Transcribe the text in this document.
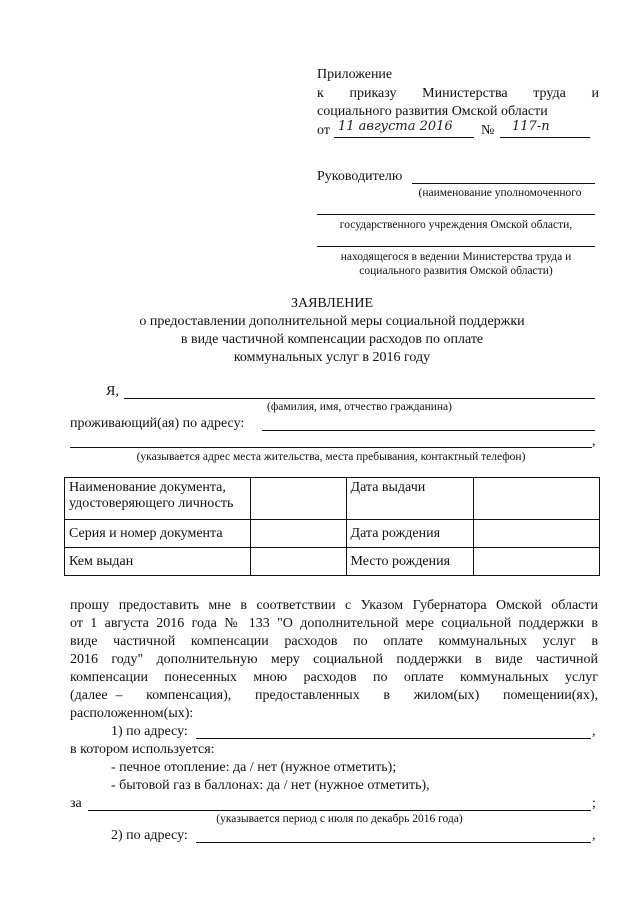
Приложение
к приказу Министерства труда и
социального развития Омской области
от 11 августа 2016 № 117-п
Руководителю
(наименование уполномоченного
государственного учреждения Омской области,
находящегося в ведении Министерства труда и
социального развития Омской области)
ЗАЯВЛЕНИЕ
о предоставлении дополнительной меры социальной поддержки
в виде частичной компенсации расходов по оплате
коммунальных услуг в 2016 году
Я,
(фамилия, имя, отчество гражданина)
проживающий(ая) по адресу:
,
(указывается адрес места жительства, места пребывания, контактный телефон)
Наименование документа, удостоверяющего личность		Дата выдачи	
Серия и номер документа		Дата рождения	
Кем выдан		Место рождения	
прошу предоставить мне в соответствии с Указом Губернатора Омской области
от 1 августа 2016 года № 133 "О дополнительной мере социальной поддержки в
виде частичной компенсации расходов по оплате коммунальных услуг в
2016 году" дополнительную меру социальной поддержки в виде частичной
компенсации понесенных мною расходов по оплате коммунальных услуг
(далее –   компенсация),   предоставленных   в   жилом(ых)   помещении(ях),
расположенном(ых):
1) по адресу:	,
в котором используется:
- печное отопление: да / нет (нужное отметить);
- бытовой газ в баллонах: да / нет (нужное отметить),
за	;
(указывается период с июля по декабрь 2016 года)
2) по адресу:	,
